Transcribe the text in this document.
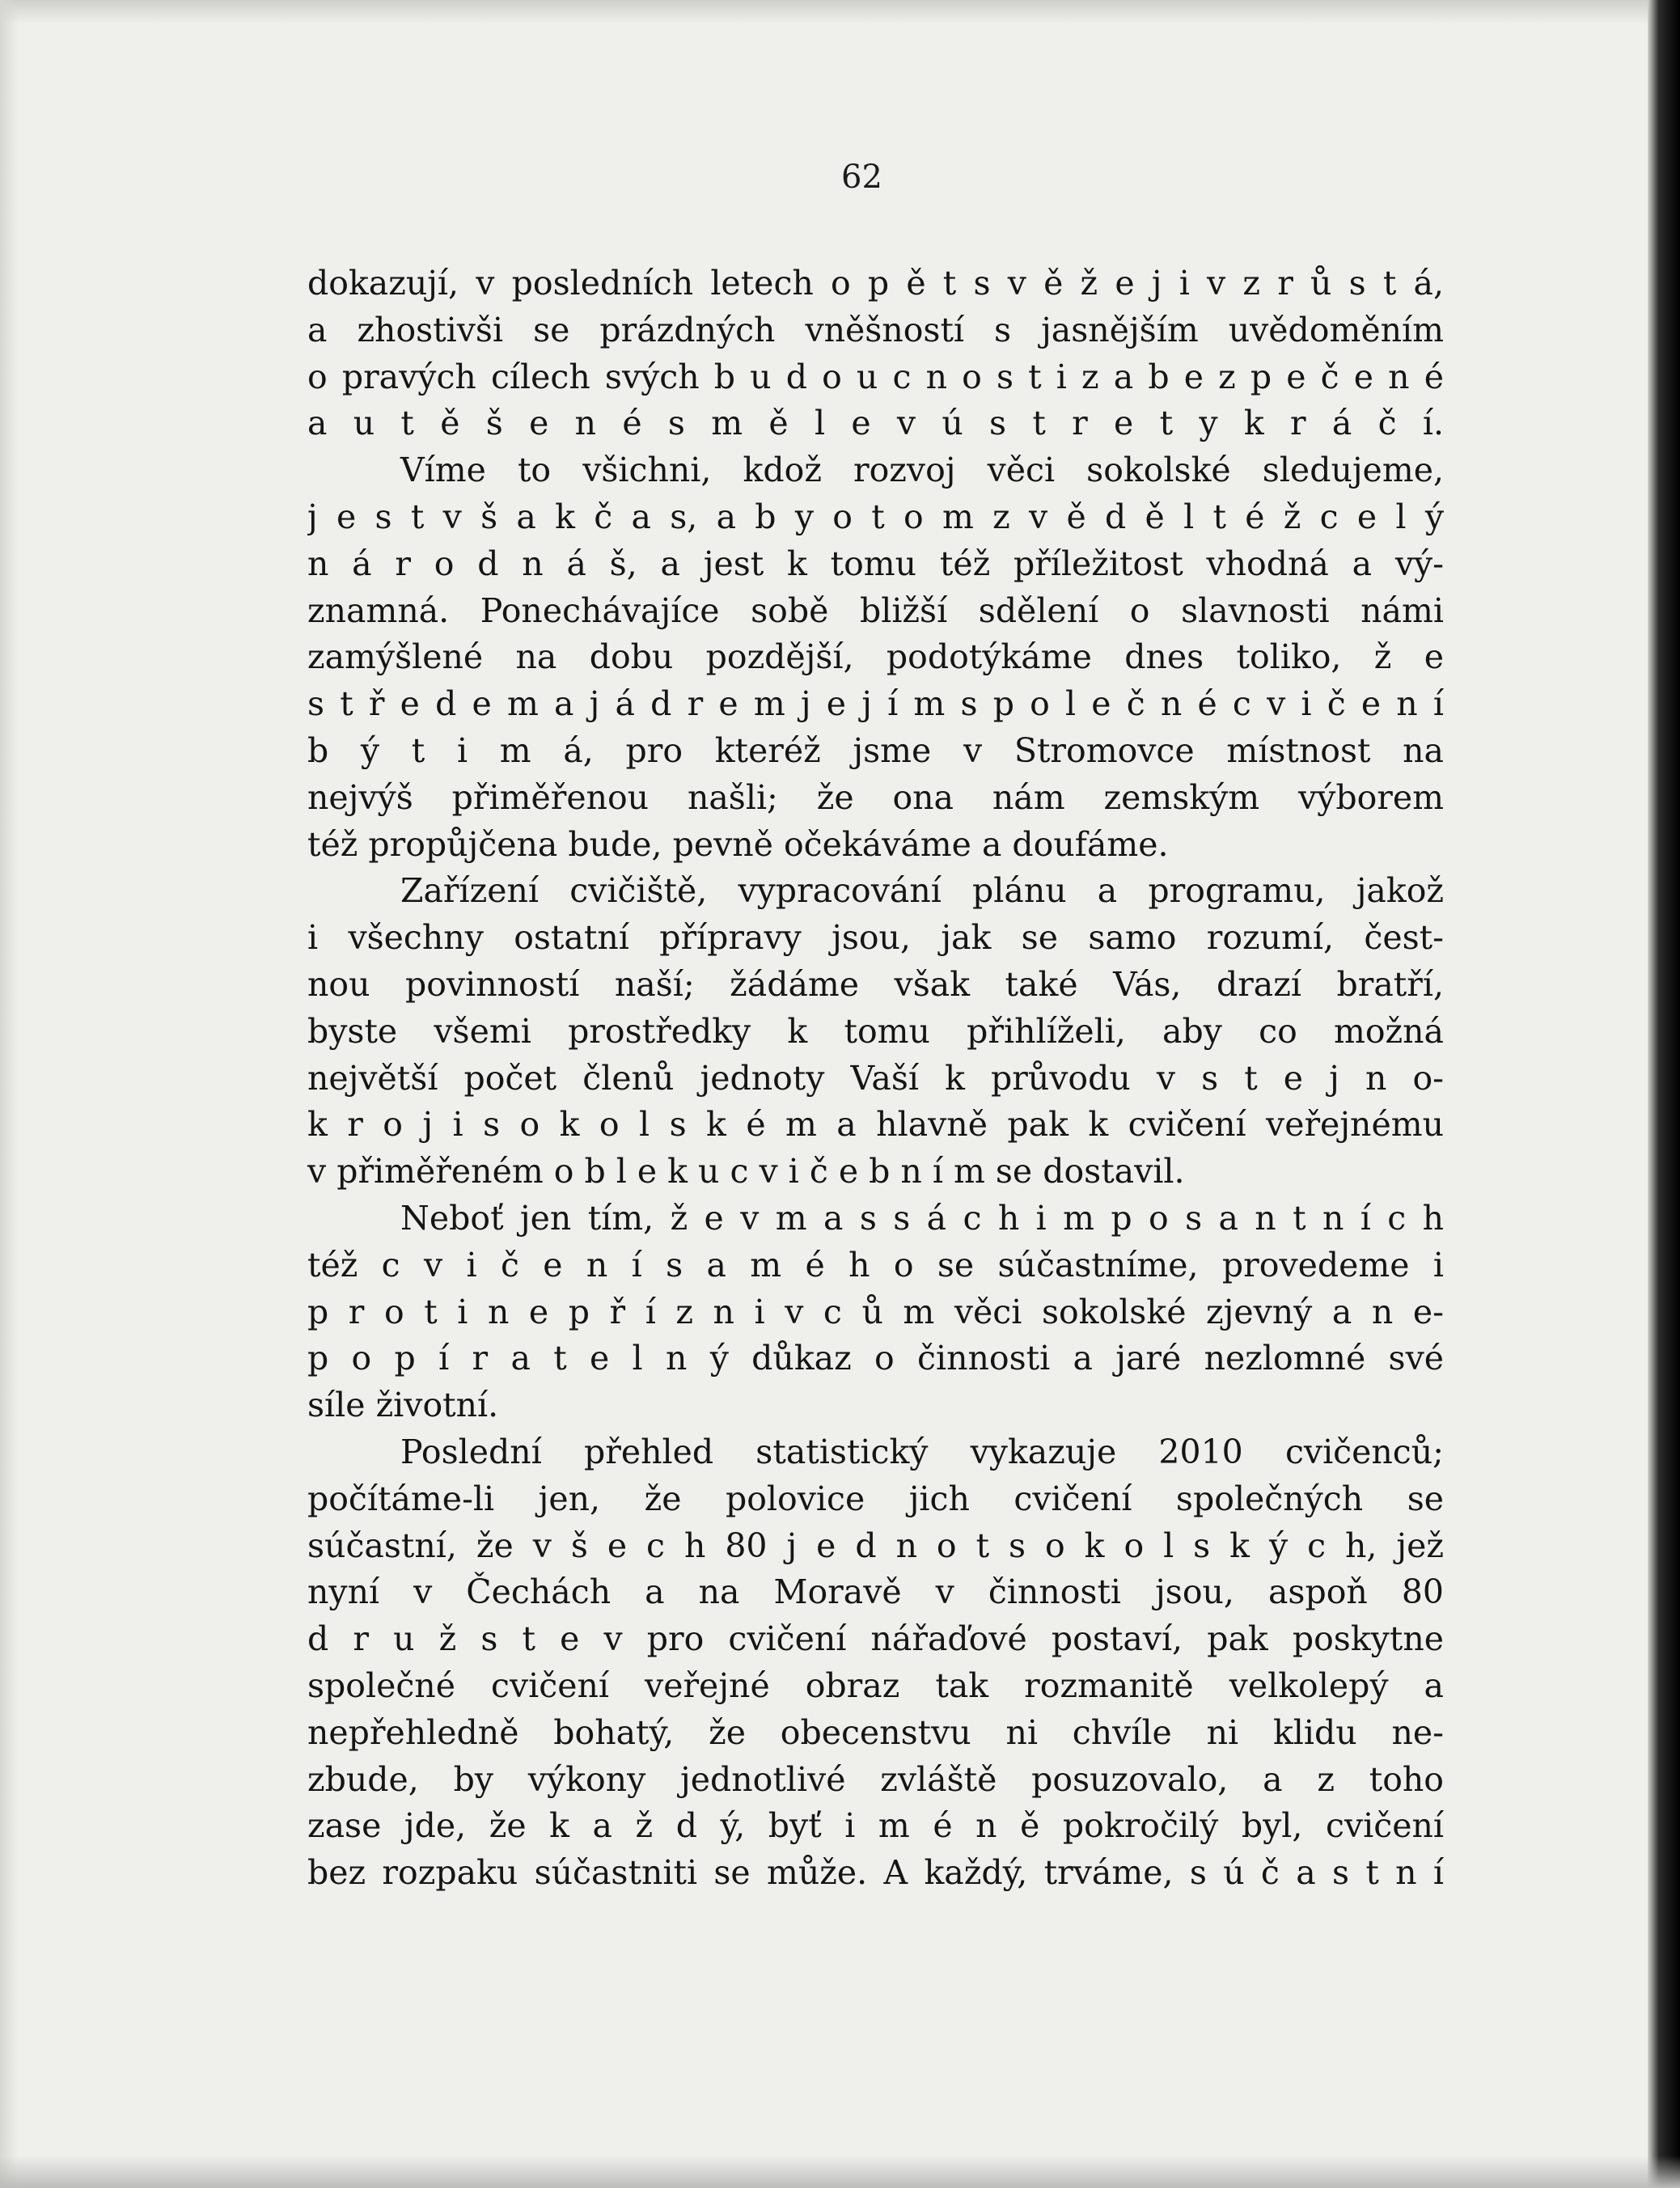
62
dokazují, v posledních letech o p ě t s v ě ž e j i v z r ů s t á,
a zhostivši se prázdných vněšností s jasnějším uvědoměním
o pravých cílech svých b u d o u c n o s t i z a b e z p e č e n é
a u t ě š e n é s m ě l e v ú s t r e t y k r á č í.
Víme to všichni, kdož rozvoj věci sokolské sledujeme,
j e s t v š a k č a s, a b y o t o m z v ě d ě l t é ž c e l ý
n á r o d n á š, a jest k tomu též příležitost vhodná a vý-
znamná. Ponechávajíce sobě bližší sdělení o slavnosti námi
zamýšlené na dobu pozdější, podotýkáme dnes toliko, ž e
s t ř e d e m a j á d r e m j e j í m s p o l e č n é c v i č e n í
b ý t i m á, pro kteréž jsme v Stromovce místnost na
nejvýš přiměřenou našli; že ona nám zemským výborem
též propůjčena bude, pevně očekáváme a doufáme.
Zařízení cvičiště, vypracování plánu a programu, jakož
i všechny ostatní přípravy jsou, jak se samo rozumí, čest-
nou povinností naší; žádáme však také Vás, drazí bratří,
byste všemi prostředky k tomu přihlíželi, aby co možná
největší počet členů jednoty Vaší k průvodu v s t e j n o-
k r o j i s o k o l s k é m a hlavně pak k cvičení veřejnému
v přiměřeném o b l e k u c v i č e b n í m se dostavil.
Neboť jen tím, ž e v m a s s á c h i m p o s a n t n í c h
též c v i č e n í s a m é h o se súčastníme, provedeme i
p r o t i n e p ř í z n i v c ů m věci sokolské zjevný a n e-
p o p í r a t e l n ý důkaz o činnosti a jaré nezlomné své
síle životní.
Poslední přehled statistický vykazuje 2010 cvičenců;
počítáme-li jen, že polovice jich cvičení společných se
súčastní, že v š e c h 80 j e d n o t s o k o l s k ý c h, jež
nyní v Čechách a na Moravě v činnosti jsou, aspoň 80
d r u ž s t e v pro cvičení nářaďové postaví, pak poskytne
společné cvičení veřejné obraz tak rozmanitě velkolepý a
nepřehledně bohatý, že obecenstvu ni chvíle ni klidu ne-
zbude, by výkony jednotlivé zvláště posuzovalo, a z toho
zase jde, že k a ž d ý, byť i m é n ě pokročilý byl, cvičení
bez rozpaku súčastniti se může. A každý, trváme, s ú č a s t n í
